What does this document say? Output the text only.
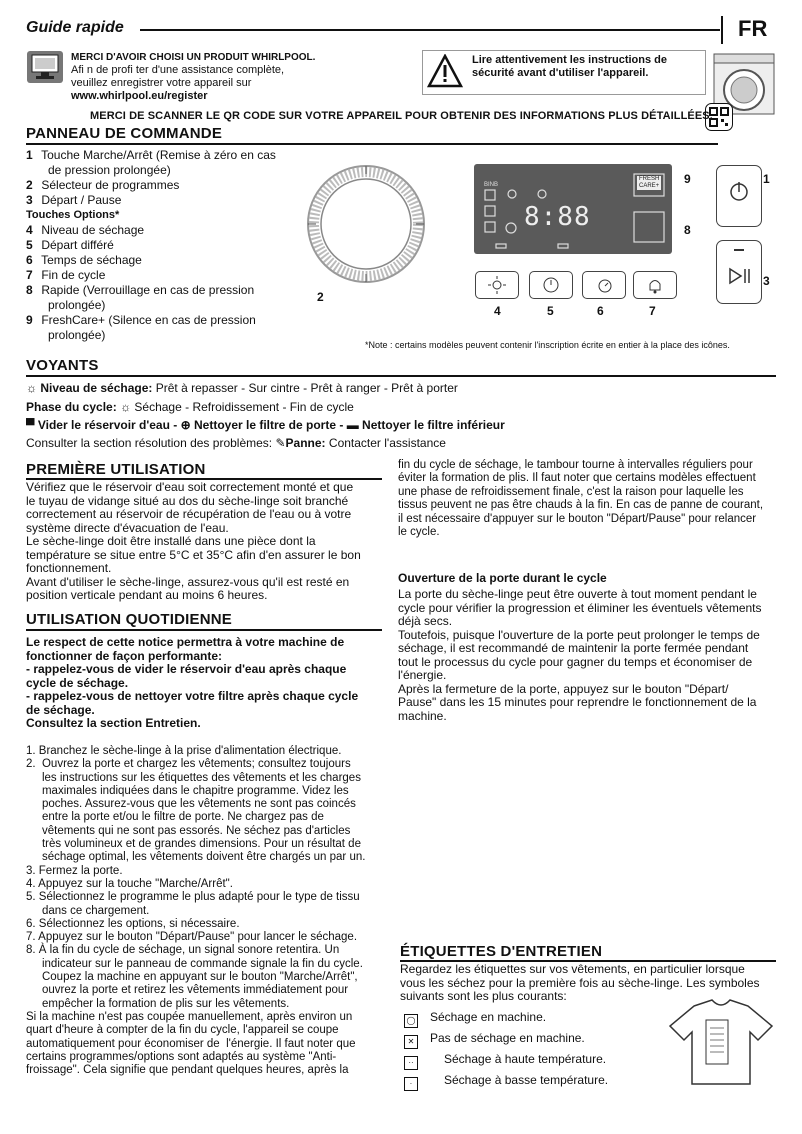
Guide rapide	FR
MERCI D'AVOIR CHOISI UN PRODUIT WHIRLPOOL.
Afi n de profi ter d'une assistance complète,
veuillez enregistrer votre appareil sur
www.whirlpool.eu/register
Lire attentivement les instructions de
sécurité avant d'utiliser l'appareil.
MERCI DE SCANNER LE QR CODE SUR VOTRE APPAREIL POUR OBTENIR DES INFORMATIONS PLUS DÉTAILLÉES.
PANNEAU DE COMMANDE
1 Touche Marche/Arrêt (Remise à zéro en cas
de pression prolongée)
2 Sélecteur de programmes
3 Départ / Pause
Touches Options*
4 Niveau de séchage
5 Départ différé
6 Temps de séchage
7 Fin de cycle
8 Rapide (Verrouillage en cas de pression
prolongée)
9 FreshCare+ (Silence en cas de pression
prolongée)
2
BINB
8:88
FRESH
CARE+ 9
8
4	5	6	7
1
3
*Note : certains modèles peuvent contenir l'inscription écrite en entier à la place des icônes.
VOYANTS
☼ Niveau de séchage: Prêt à repasser - Sur cintre - Prêt à ranger - Prêt à porter
Phase du cycle: ☼ Séchage - Refroidissement - Fin de cycle
▀ Vider le réservoir d'eau - ⊕ Nettoyer le filtre de porte - ▬ Nettoyer le filtre inférieur
Consulter la section résolution des problèmes: ✎Panne: Contacter l'assistance
PREMIÈRE UTILISATION
Vérifiez que le réservoir d'eau soit correctement monté et que
le tuyau de vidange situé au dos du sèche-linge soit branché
correctement au réservoir de récupération de l'eau ou à votre
système directe d'évacuation de l'eau.
Le sèche-linge doit être installé dans une pièce dont la
température se situe entre 5°C et 35°C afin d'en assurer le bon
fonctionnement.
Avant d'utiliser le sèche-linge, assurez-vous qu'il est resté en
position verticale pendant au moins 6 heures.
UTILISATION QUOTIDIENNE
Le respect de cette notice permettra à votre machine de
fonctionner de façon performante:
- rappelez-vous de vider le réservoir d'eau après chaque
cycle de séchage.
- rappelez-vous de nettoyer votre filtre après chaque cycle
de séchage.
Consultez la section Entretien.
1. Branchez le sèche-linge à la prise d'alimentation électrique.
2.  Ouvrez la porte et chargez les vêtements; consultez toujours
les instructions sur les étiquettes des vêtements et les charges
maximales indiquées dans le chapitre programme. Videz les
poches. Assurez-vous que les vêtements ne sont pas coincés
entre la porte et/ou le filtre de porte. Ne chargez pas de
vêtements qui ne sont pas essorés. Ne séchez pas d'articles
très volumineux et de grandes dimensions. Pour un résultat de
séchage optimal, les vêtements doivent être chargés un par un.
3. Fermez la porte.
4. Appuyez sur la touche "Marche/Arrêt".
5. Sélectionnez le programme le plus adapté pour le type de tissu
dans ce chargement.
6. Sélectionnez les options, si nécessaire.
7. Appuyez sur le bouton "Départ/Pause" pour lancer le séchage.
8. À la fin du cycle de séchage, un signal sonore retentira. Un
indicateur sur le panneau de commande signale la fin du cycle.
Coupez la machine en appuyant sur le bouton "Marche/Arrêt",
ouvrez la porte et retirez les vêtements immédiatement pour
empêcher la formation de plis sur les vêtements.
Si la machine n'est pas coupée manuellement, après environ un
quart d'heure à compter de la fin du cycle, l'appareil se coupe
automatiquement pour économiser de  l'énergie. Il faut noter que
certains programmes/options sont adaptés au système "Anti-
froissage". Cela signifie que pendant quelques heures, après la
fin du cycle de séchage, le tambour tourne à intervalles réguliers pour
éviter la formation de plis. Il faut noter que certains modèles effectuent
une phase de refroidissement finale, c'est la raison pour laquelle les
tissus peuvent ne pas être chauds à la fin. En cas de panne de courant,
il est nécessaire d'appuyer sur le bouton "Départ/Pause" pour relancer
le cycle.
Ouverture de la porte durant le cycle
La porte du sèche-linge peut être ouverte à tout moment pendant le
cycle pour vérifier la progression et éliminer les éventuels vêtements
déjà secs.
Toutefois, puisque l'ouverture de la porte peut prolonger le temps de
séchage, il est recommandé de maintenir la porte fermée pendant
tout le processus du cycle pour gagner du temps et économiser de
l'énergie.
Après la fermeture de la porte, appuyez sur le bouton "Départ/
Pause" dans les 15 minutes pour reprendre le fonctionnement de la
machine.
ÉTIQUETTES D'ENTRETIEN
Regardez les étiquettes sur vos vêtements, en particulier lorsque
vous les séchez pour la première fois au sèche-linge. Les symboles
suivants sont les plus courants:
◯ Séchage en machine.
✕ Pas de séchage en machine.
··	Séchage à haute température.
·	Séchage à basse température.
